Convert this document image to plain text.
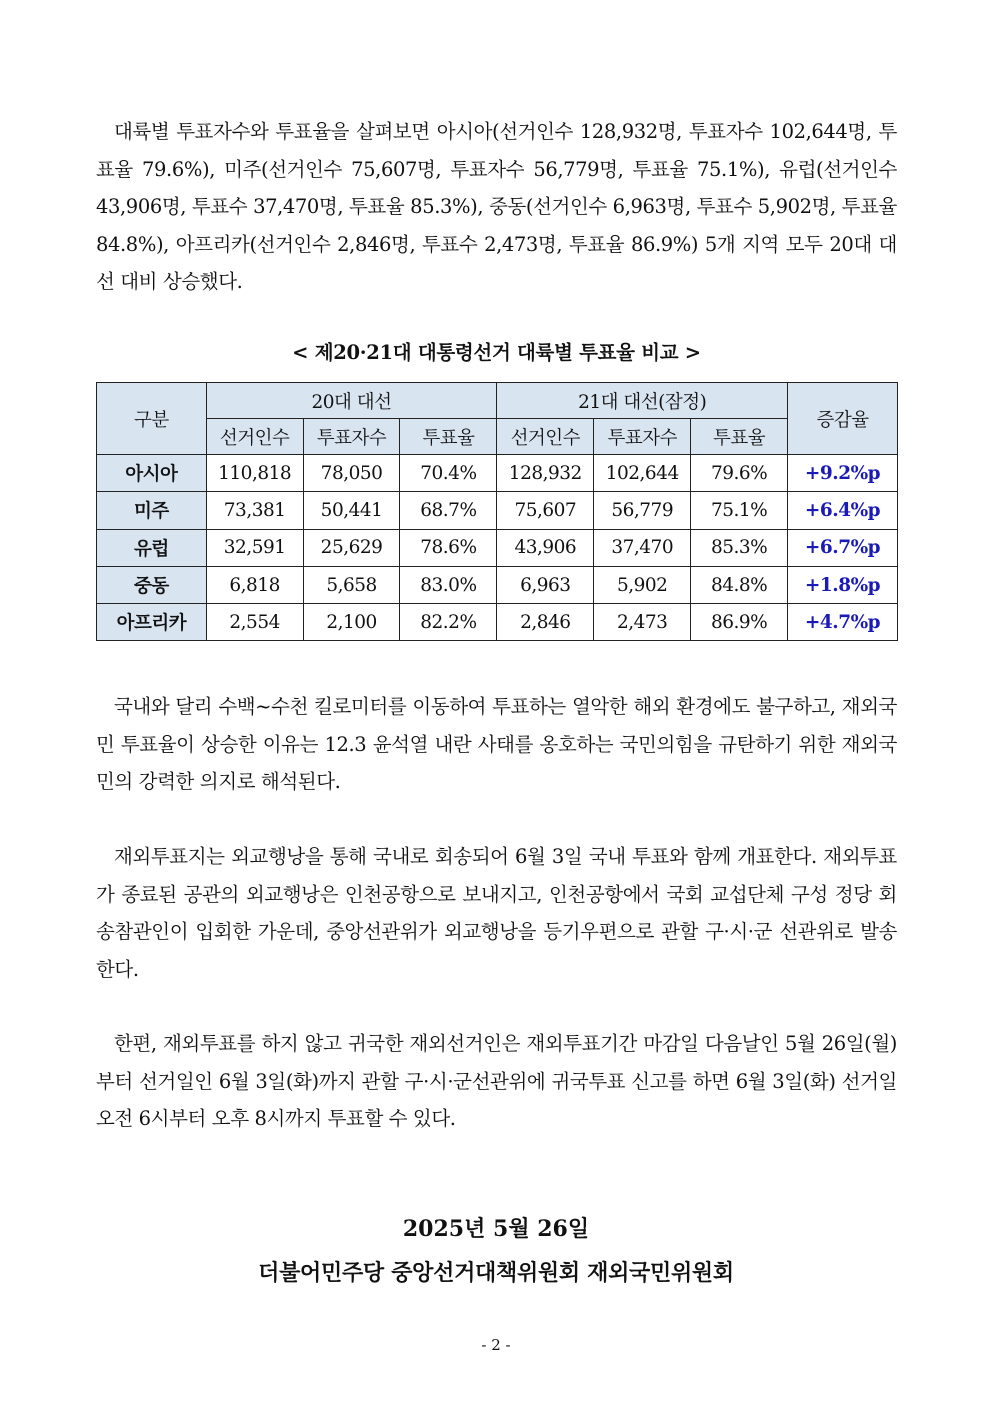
대륙별 투표자수와 투표율을 살펴보면 아시아(선거인수 128,932명, 투표자수 102,644명, 투표율 79.6%), 미주(선거인수 75,607명, 투표자수 56,779명, 투표율 75.1%), 유럽(선거인수 43,906명, 투표수 37,470명, 투표율 85.3%), 중동(선거인수 6,963명, 투표수 5,902명, 투표율 84.8%), 아프리카(선거인수 2,846명, 투표수 2,473명, 투표율 86.9%) 5개 지역 모두 20대 대선 대비 상승했다.
< 제20·21대 대통령선거 대륙별 투표율 비교 >
구분	20대 대선			21대 대선(잠정)			증감율
	선거인수	투표자수	투표율	선거인수	투표자수	투표율	
아시아	110,818	78,050	70.4%	128,932	102,644	79.6%	+9.2%p
미주	73,381	50,441	68.7%	75,607	56,779	75.1%	+6.4%p
유럽	32,591	25,629	78.6%	43,906	37,470	85.3%	+6.7%p
중동	6,818	5,658	83.0%	6,963	5,902	84.8%	+1.8%p
아프리카	2,554	2,100	82.2%	2,846	2,473	86.9%	+4.7%p
국내와 달리 수백~수천 킬로미터를 이동하여 투표하는 열악한 해외 환경에도 불구하고, 재외국민 투표율이 상승한 이유는 12.3 윤석열 내란 사태를 옹호하는 국민의힘을 규탄하기 위한 재외국민의 강력한 의지로 해석된다.
재외투표지는 외교행낭을 통해 국내로 회송되어 6월 3일 국내 투표와 함께 개표한다. 재외투표가 종료된 공관의 외교행낭은 인천공항으로 보내지고, 인천공항에서 국회 교섭단체 구성 정당 회송참관인이 입회한 가운데, 중앙선관위가 외교행낭을 등기우편으로 관할 구·시·군 선관위로 발송한다.
한편, 재외투표를 하지 않고 귀국한 재외선거인은 재외투표기간 마감일 다음날인 5월 26일(월)부터 선거일인 6월 3일(화)까지 관할 구·시·군선관위에 귀국투표 신고를 하면 6월 3일(화) 선거일 오전 6시부터 오후 8시까지 투표할 수 있다.
2025년 5월 26일
더불어민주당 중앙선거대책위원회 재외국민위원회
- 2 -
